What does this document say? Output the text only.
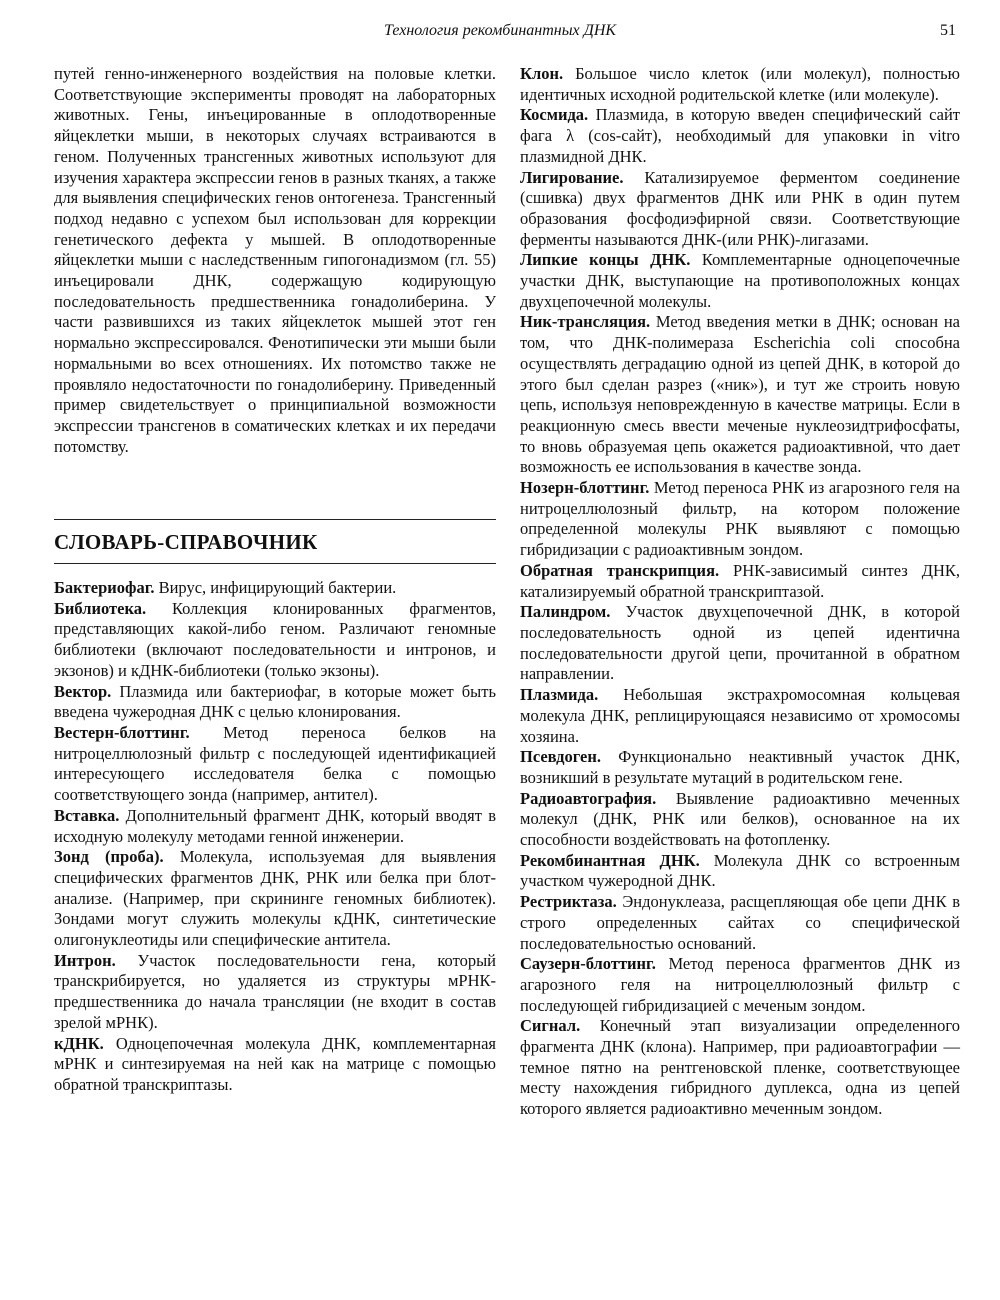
Технология рекомбинантных ДНК	51

путей генно-инженерного воздействия на половые клетки. Соответствующие эксперименты проводят на лабораторных животных. Гены, инъецированные в оплодотворенные яйцеклетки мыши, в некоторых случаях встраиваются в геном. Полученных трансгенных животных используют для изучения характера экспрессии генов в разных тканях, а также для выявления специфических генов онтогенеза. Трансгенный подход недавно с успехом был использован для коррекции генетического дефекта у мышей. В оплодотворенные яйцеклетки мыши с наследственным гипогонадизмом (гл. 55) инъецировали ДНК, содержащую кодирующую последовательность предшественника гонадолиберина. У части развившихся из таких яйцеклеток мышей этот ген нормально экспрессировался. Фенотипически эти мыши были нормальными во всех отношениях. Их потомство также не проявляло недостаточности по гонадолиберину. Приведенный пример свидетельствует о принципиальной возможности экспрессии трансгенов в соматических клетках и их передачи потомству.

СЛОВАРЬ-СПРАВОЧНИК

Бактериофаг. Вирус, инфицирующий бактерии.

Библиотека. Коллекция клонированных фрагментов, представляющих какой-либо геном. Различают геномные библиотеки (включают последовательности и интронов, и экзонов) и кДНК-библиотеки (только экзоны).

Вектор. Плазмида или бактериофаг, в которые может быть введена чужеродная ДНК с целью клонирования.

Вестерн-блоттинг. Метод переноса белков на нитроцеллюлозный фильтр с последующей идентификацией интересующего исследователя белка с помощью соответствующего зонда (например, антител).

Вставка. Дополнительный фрагмент ДНК, который вводят в исходную молекулу методами генной инженерии.

Зонд (проба). Молекула, используемая для выявления специфических фрагментов ДНК, РНК или белка при блот-анализе. (Например, при скрининге геномных библиотек). Зондами могут служить молекулы кДНК, синтетические олигонуклеотиды или специфические антитела.

Интрон. Участок последовательности гена, который транскрибируется, но удаляется из структуры мРНК-предшественника до начала трансляции (не входит в состав зрелой мРНК).

кДНК. Одноцепочечная молекула ДНК, комплементарная мРНК и синтезируемая на ней как на матрице с помощью обратной транскриптазы.

Клон. Большое число клеток (или молекул), полностью идентичных исходной родительской клетке (или молекуле).

Космида. Плазмида, в которую введен специфический сайт фага λ (cos-сайт), необходимый для упаковки in vitro плазмидной ДНК.

Лигирование. Катализируемое ферментом соединение (сшивка) двух фрагментов ДНК или РНК в один путем образования фосфодиэфирной связи. Соответствующие ферменты называются ДНК-(или РНК)-лигазами.

Липкие концы ДНК. Комплементарные одноцепочечные участки ДНК, выступающие на противоположных концах двухцепочечной молекулы.

Ник-трансляция. Метод введения метки в ДНК; основан на том, что ДНК-полимераза Escherichia coli способна осуществлять деградацию одной из цепей ДНК, в которой до этого был сделан разрез («ник»), и тут же строить новую цепь, используя неповрежденную в качестве матрицы. Если в реакционную смесь ввести меченые нуклеозидтрифосфаты, то вновь образуемая цепь окажется радиоактивной, что дает возможность ее использования в качестве зонда.

Нозерн-блоттинг. Метод переноса РНК из агарозного геля на нитроцеллюлозный фильтр, на котором положение определенной молекулы РНК выявляют с помощью гибридизации с радиоактивным зондом.

Обратная транскрипция. РНК-зависимый синтез ДНК, катализируемый обратной транскриптазой.

Палиндром. Участок двухцепочечной ДНК, в которой последовательность одной из цепей идентична последовательности другой цепи, прочитанной в обратном направлении.

Плазмида. Небольшая экстрахромосомная кольцевая молекула ДНК, реплицирующаяся независимо от хромосомы хозяина.

Псевдоген. Функционально неактивный участок ДНК, возникший в результате мутаций в родительском гене.

Радиоавтография. Выявление радиоактивно меченных молекул (ДНК, РНК или белков), основанное на их способности воздействовать на фотопленку.

Рекомбинантная ДНК. Молекула ДНК со встроенным участком чужеродной ДНК.

Рестриктаза. Эндонуклеаза, расщепляющая обе цепи ДНК в строго определенных сайтах со специфической последовательностью оснований.

Саузерн-блоттинг. Метод переноса фрагментов ДНК из агарозного геля на нитроцеллюлозный фильтр с последующей гибридизацией с меченым зондом.

Сигнал. Конечный этап визуализации определенного фрагмента ДНК (клона). Например, при радиоавтографии — темное пятно на рентгеновской пленке, соответствующее месту нахождения гибридного дуплекса, одна из цепей которого является радиоактивно меченным зондом.
